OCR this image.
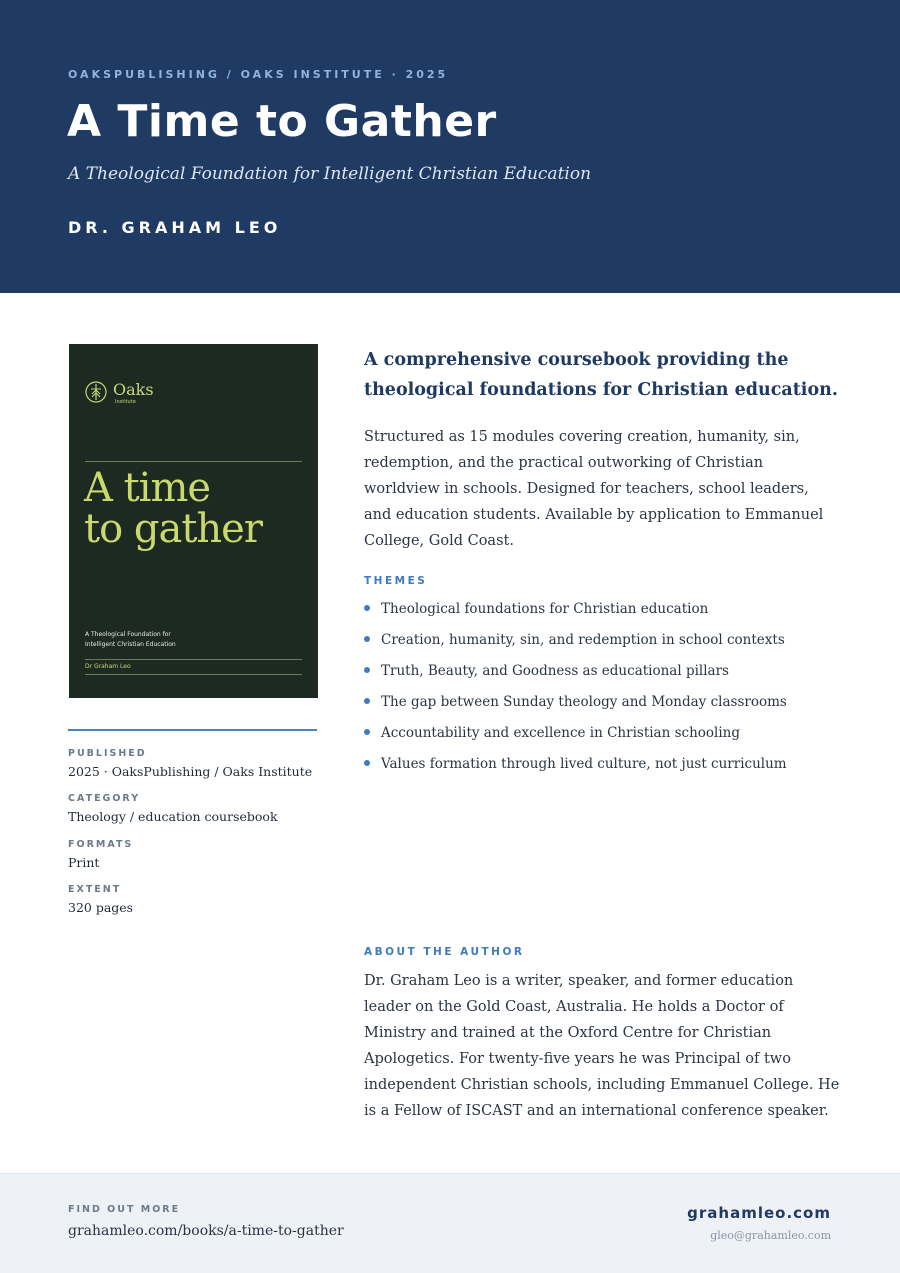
OAKSPUBLISHING / OAKS INSTITUTE · 2025
A Time to Gather
A Theological Foundation for Intelligent Christian Education
DR. GRAHAM LEO
Oaks
Institute
A time
to gather
A Theological Foundation for
Intelligent Christian Education
Dr Graham Leo
PUBLISHED
2025 · OaksPublishing / Oaks Institute
CATEGORY
Theology / education coursebook
FORMATS
Print
EXTENT
320 pages

A comprehensive coursebook providing the theological foundations for Christian education.

Structured as 15 modules covering creation, humanity, sin, redemption, and the practical outworking of Christian worldview in schools. Designed for teachers, school leaders, and education students. Available by application to Emmanuel College, Gold Coast.

THEMES
Theological foundations for Christian education
Creation, humanity, sin, and redemption in school contexts
Truth, Beauty, and Goodness as educational pillars
The gap between Sunday theology and Monday classrooms
Accountability and excellence in Christian schooling
Values formation through lived culture, not just curriculum
ABOUT THE AUTHOR

Dr. Graham Leo is a writer, speaker, and former education leader on the Gold Coast, Australia. He holds a Doctor of Ministry and trained at the Oxford Centre for Christian Apologetics. For twenty-five years he was Principal of two independent Christian schools, including Emmanuel College. He is a Fellow of ISCAST and an international conference speaker.

FIND OUT MORE
grahamleo.com/books/a-time-to-gather
grahamleo.com
gleo@grahamleo.com
